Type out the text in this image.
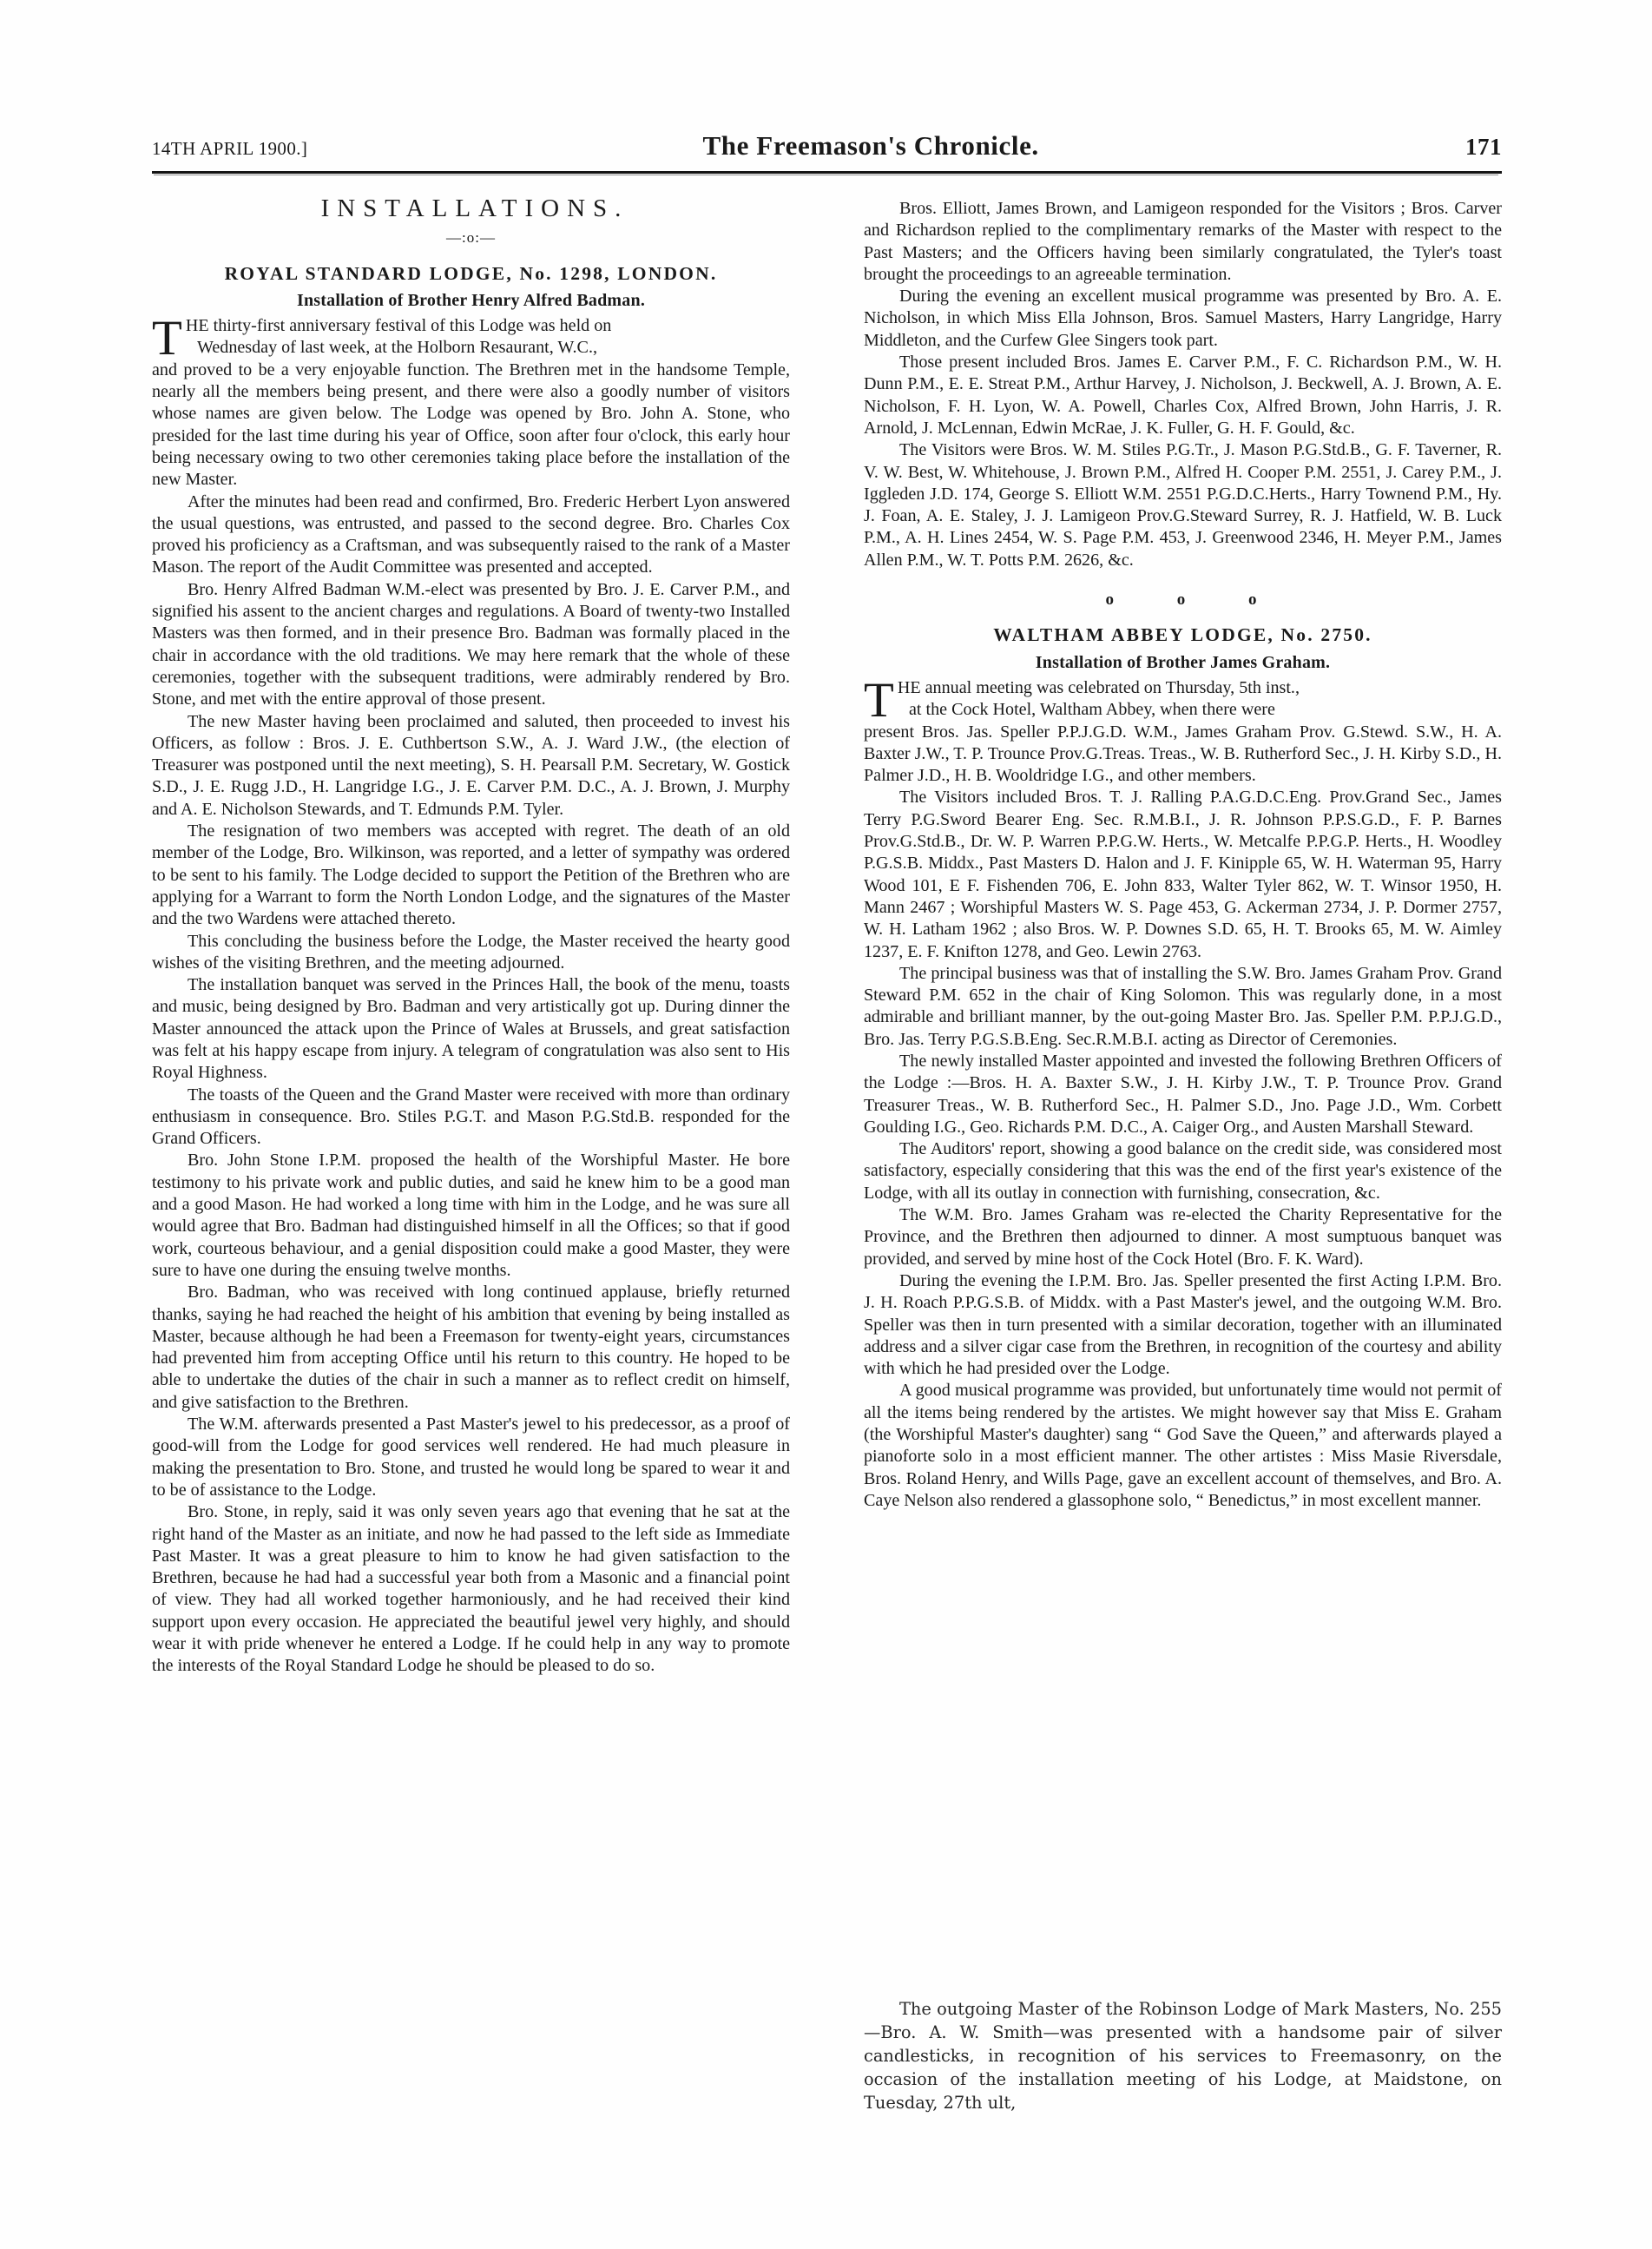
14TH APRIL 1900.]	The Freemason's Chronicle.	171
INSTALLATIONS.
—:o:—
ROYAL STANDARD LODGE, No. 1298, LONDON.
Installation of Brother Henry Alfred Badman.

THE thirty-first anniversary festival of this Lodge was held on
Wednesday of last week, at the Holborn Resaurant, W.C.,
and proved to be a very enjoyable function. The Brethren met in the handsome Temple, nearly all the members being present, and there were also a goodly number of visitors whose names are given below. The Lodge was opened by Bro. John A. Stone, who presided for the last time during his year of Office, soon after four o'clock, this early hour being necessary owing to two other ceremonies taking place before the installation of the new Master.

After the minutes had been read and confirmed, Bro. Frederic Herbert Lyon answered the usual questions, was entrusted, and passed to the second degree. Bro. Charles Cox proved his proficiency as a Craftsman, and was subsequently raised to the rank of a Master Mason. The report of the Audit Committee was presented and accepted.

Bro. Henry Alfred Badman W.M.-elect was presented by Bro. J. E. Carver P.M., and signified his assent to the ancient charges and regulations. A Board of twenty-two Installed Masters was then formed, and in their presence Bro. Badman was formally placed in the chair in accordance with the old traditions. We may here remark that the whole of these ceremonies, together with the subsequent traditions, were admirably rendered by Bro. Stone, and met with the entire approval of those present.

The new Master having been proclaimed and saluted, then proceeded to invest his Officers, as follow : Bros. J. E. Cuthbertson S.W., A. J. Ward J.W., (the election of Treasurer was postponed until the next meeting), S. H. Pearsall P.M. Secretary, W. Gostick S.D., J. E. Rugg J.D., H. Langridge I.G., J. E. Carver P.M. D.C., A. J. Brown, J. Murphy and A. E. Nicholson Stewards, and T. Edmunds P.M. Tyler.

The resignation of two members was accepted with regret. The death of an old member of the Lodge, Bro. Wilkinson, was reported, and a letter of sympathy was ordered to be sent to his family. The Lodge decided to support the Petition of the Brethren who are applying for a Warrant to form the North London Lodge, and the signatures of the Master and the two Wardens were attached thereto.

This concluding the business before the Lodge, the Master received the hearty good wishes of the visiting Brethren, and the meeting adjourned.

The installation banquet was served in the Princes Hall, the book of the menu, toasts and music, being designed by Bro. Badman and very artistically got up. During dinner the Master announced the attack upon the Prince of Wales at Brussels, and great satisfaction was felt at his happy escape from injury. A telegram of congratulation was also sent to His Royal Highness.

The toasts of the Queen and the Grand Master were received with more than ordinary enthusiasm in consequence. Bro. Stiles P.G.T. and Mason P.G.Std.B. responded for the Grand Officers.

Bro. John Stone I.P.M. proposed the health of the Worshipful Master. He bore testimony to his private work and public duties, and said he knew him to be a good man and a good Mason. He had worked a long time with him in the Lodge, and he was sure all would agree that Bro. Badman had distinguished himself in all the Offices; so that if good work, courteous behaviour, and a genial disposition could make a good Master, they were sure to have one during the ensuing twelve months.

Bro. Badman, who was received with long continued applause, briefly returned thanks, saying he had reached the height of his ambition that evening by being installed as Master, because although he had been a Freemason for twenty-eight years, circumstances had prevented him from accepting Office until his return to this country. He hoped to be able to undertake the duties of the chair in such a manner as to reflect credit on himself, and give satisfaction to the Brethren.

The W.M. afterwards presented a Past Master's jewel to his predecessor, as a proof of good-will from the Lodge for good services well rendered. He had much pleasure in making the presentation to Bro. Stone, and trusted he would long be spared to wear it and to be of assistance to the Lodge.

Bro. Stone, in reply, said it was only seven years ago that evening that he sat at the right hand of the Master as an initiate, and now he had passed to the left side as Immediate Past Master. It was a great pleasure to him to know he had given satisfaction to the Brethren, because he had had a successful year both from a Masonic and a financial point of view. They had all worked together harmoniously, and he had received their kind support upon every occasion. He appreciated the beautiful jewel very highly, and should wear it with pride whenever he entered a Lodge. If he could help in any way to promote the interests of the Royal Standard Lodge he should be pleased to do so.

Bros. Elliott, James Brown, and Lamigeon responded for the Visitors ; Bros. Carver and Richardson replied to the complimentary remarks of the Master with respect to the Past Masters; and the Officers having been similarly congratulated, the Tyler's toast brought the proceedings to an agreeable termination.

During the evening an excellent musical programme was presented by Bro. A. E. Nicholson, in which Miss Ella Johnson, Bros. Samuel Masters, Harry Langridge, Harry Middleton, and the Curfew Glee Singers took part.

Those present included Bros. James E. Carver P.M., F. C. Richardson P.M., W. H. Dunn P.M., E. E. Streat P.M., Arthur Harvey, J. Nicholson, J. Beckwell, A. J. Brown, A. E. Nicholson, F. H. Lyon, W. A. Powell, Charles Cox, Alfred Brown, John Harris, J. R. Arnold, J. McLennan, Edwin McRae, J. K. Fuller, G. H. F. Gould, &c.

The Visitors were Bros. W. M. Stiles P.G.Tr., J. Mason P.G.Std.B., G. F. Taverner, R. V. W. Best, W. Whitehouse, J. Brown P.M., Alfred H. Cooper P.M. 2551, J. Carey P.M., J. Iggleden J.D. 174, George S. Elliott W.M. 2551 P.G.D.C.Herts., Harry Townend P.M., Hy. J. Foan, A. E. Staley, J. J. Lamigeon Prov.G.Steward Surrey, R. J. Hatfield, W. B. Luck P.M., A. H. Lines 2454, W. S. Page P.M. 453, J. Greenwood 2346, H. Meyer P.M., James Allen P.M., W. T. Potts P.M. 2626, &c.

o o o
WALTHAM ABBEY LODGE, No. 2750.
Installation of Brother James Graham.

THE annual meeting was celebrated on Thursday, 5th inst.,
at the Cock Hotel, Waltham Abbey, when there were
present Bros. Jas. Speller P.P.J.G.D. W.M., James Graham Prov. G.Stewd. S.W., H. A. Baxter J.W., T. P. Trounce Prov.G.Treas. Treas., W. B. Rutherford Sec., J. H. Kirby S.D., H. Palmer J.D., H. B. Wooldridge I.G., and other members.

The Visitors included Bros. T. J. Ralling P.A.G.D.C.Eng. Prov.Grand Sec., James Terry P.G.Sword Bearer Eng. Sec. R.M.B.I., J. R. Johnson P.P.S.G.D., F. P. Barnes Prov.G.Std.B., Dr. W. P. Warren P.P.G.W. Herts., W. Metcalfe P.P.G.P. Herts., H. Woodley P.G.S.B. Middx., Past Masters D. Halon and J. F. Kinipple 65, W. H. Waterman 95, Harry Wood 101, E F. Fishenden 706, E. John 833, Walter Tyler 862, W. T. Winsor 1950, H. Mann 2467 ; Worshipful Masters W. S. Page 453, G. Ackerman 2734, J. P. Dormer 2757, W. H. Latham 1962 ; also Bros. W. P. Downes S.D. 65, H. T. Brooks 65, M. W. Aimley 1237, E. F. Knifton 1278, and Geo. Lewin 2763.

The principal business was that of installing the S.W. Bro. James Graham Prov. Grand Steward P.M. 652 in the chair of King Solomon. This was regularly done, in a most admirable and brilliant manner, by the out-going Master Bro. Jas. Speller P.M. P.P.J.G.D., Bro. Jas. Terry P.G.S.B.Eng. Sec.R.M.B.I. acting as Director of Ceremonies.

The newly installed Master appointed and invested the following Brethren Officers of the Lodge :—Bros. H. A. Baxter S.W., J. H. Kirby J.W., T. P. Trounce Prov. Grand Treasurer Treas., W. B. Rutherford Sec., H. Palmer S.D., Jno. Page J.D., Wm. Corbett Goulding I.G., Geo. Richards P.M. D.C., A. Caiger Org., and Austen Marshall Steward.

The Auditors' report, showing a good balance on the credit side, was considered most satisfactory, especially considering that this was the end of the first year's existence of the Lodge, with all its outlay in connection with furnishing, consecration, &c.

The W.M. Bro. James Graham was re-elected the Charity Representative for the Province, and the Brethren then adjourned to dinner. A most sumptuous banquet was provided, and served by mine host of the Cock Hotel (Bro. F. K. Ward).

During the evening the I.P.M. Bro. Jas. Speller presented the first Acting I.P.M. Bro. J. H. Roach P.P.G.S.B. of Middx. with a Past Master's jewel, and the outgoing W.M. Bro. Speller was then in turn presented with a similar decoration, together with an illuminated address and a silver cigar case from the Brethren, in recognition of the courtesy and ability with which he had presided over the Lodge.

A good musical programme was provided, but unfortunately time would not permit of all the items being rendered by the artistes. We might however say that Miss E. Graham (the Worshipful Master's daughter) sang “ God Save the Queen,” and afterwards played a pianoforte solo in a most efficient manner. The other artistes : Miss Masie Riversdale, Bros. Roland Henry, and Wills Page, gave an excellent account of themselves, and Bro. A. Caye Nelson also rendered a glassophone solo, “ Benedictus,” in most excellent manner.

The outgoing Master of the Robinson Lodge of Mark Masters, No. 255—Bro. A. W. Smith—was presented with a handsome pair of silver candlesticks, in recognition of his services to Freemasonry, on the occasion of the installation meeting of his Lodge, at Maidstone, on Tuesday, 27th ult,
